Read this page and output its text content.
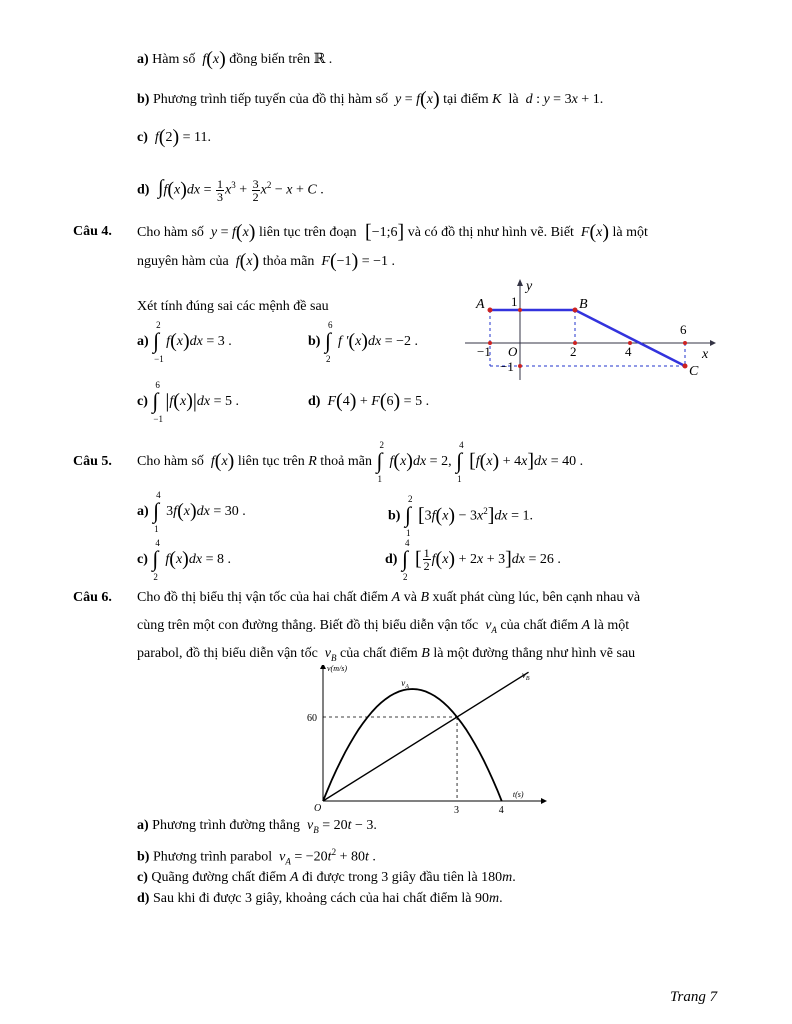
a) Hàm số  f(x) đồng biến trên ℝ .
b) Phương trình tiếp tuyến của đồ thị hàm số  y = f(x) tại điểm K là d : y = 3x + 1.
c)  f(2) = 11.
d)  $\int f(x)dx = \frac{1}{3} x^3 + \frac{3}{2} x^2 - x + C$ .
Câu 4. Cho hàm số  y = f(x) liên tục trên đoạn  [−1;6] và có đồ thị như hình vẽ. Biết  F(x) là một
nguyên hàm của  f(x) thỏa mãn  F(−1) = −1 .
Xét tính đúng sai các mệnh đề sau
a)
2
∫
−1
f(x)dx = 3 .	b)
6
∫
2
f ′(x)dx = −2 .
c)
6
∫
−1
|f(x)|dx = 5 .	d)  F(4) + F(6) = 5 .
A	B
C
y
x
O
1
−1	2	4
6
−1
Câu 5. Cho hàm số  f(x) liên tục trên R thoả mãn
2
∫
1
f(x)dx = 2,
4
∫
1
[f(x) + 4x]dx = 40 .
a)
4
∫
1
3f(x)dx = 30 .	b)
2
∫
1
$[3f(x) - 3x^2]dx = 1$.
c)
4
∫
2
f(x)dx = 8 .	d)
4
∫
2
[ $\frac{1}{2} f(x) + 2x + 3]dx = 26$ .
Câu 6. Cho đồ thị biểu thị vận tốc của hai chất điểm A và B xuất phát cùng lúc, bên cạnh nhau và
cùng trên một con đường thẳng. Biết đồ thị biểu diễn vận tốc  $v_A$ của chất điểm A là một
parabol, đồ thị biểu diễn vận tốc  $v_B$ của chất điểm B là một đường thẳng như hình vẽ sau
v(m/s)
t(s)
O
60
3	4
$v_A$
$v_B$
a) Phương trình đường thẳng  $v_B = 20t - 3$.
b) Phương trình parabol  $v_A = -20t^2 + 80t$ .
c) Quãng đường chất điểm A đi được trong 3 giây đầu tiên là 180m.
d) Sau khi đi được 3 giây, khoảng cách của hai chất điểm là 90m.
Trang 7
